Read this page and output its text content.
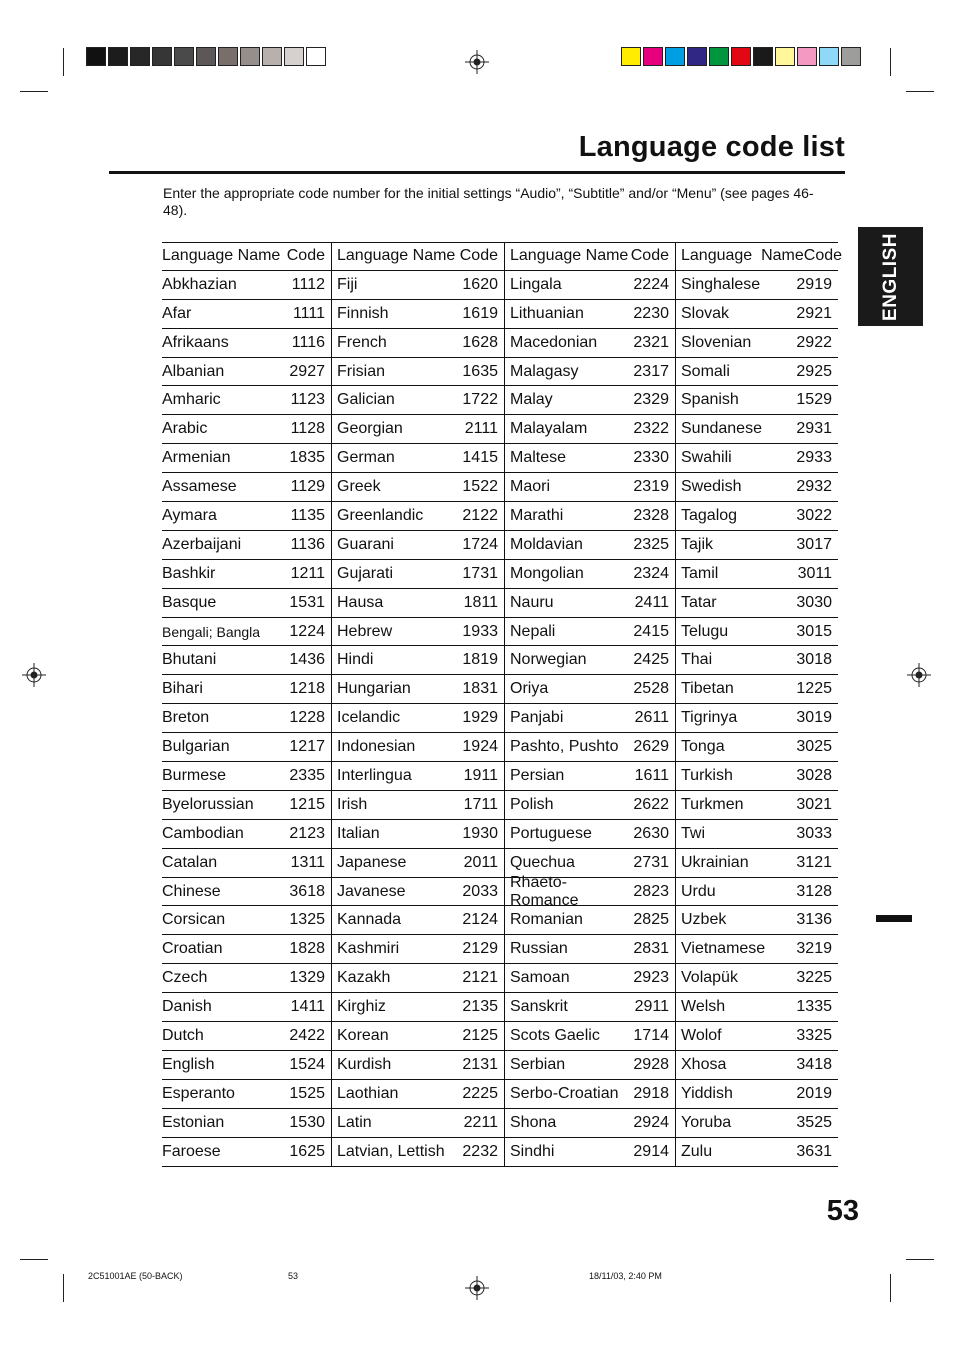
Language code list
Enter the appropriate code number for the initial settings “Audio”, “Subtitle” and/or “Menu” (see pages 46-48).
ENGLISH
Language Name Code
Abkhazian	1112
Afar	1111
Afrikaans	1116
Albanian	2927
Amharic	1123
Arabic	1128
Armenian	1835
Assamese	1129
Aymara	1135
Azerbaijani	1136
Bashkir	1211
Basque	1531
Bengali; Bangla 1224
Bhutani	1436
Bihari	1218
Breton	1228
Bulgarian	1217
Burmese	2335
Byelorussian 1215
Cambodian	2123
Catalan	1311
Chinese	3618
Corsican	1325
Croatian	1828
Czech	1329
Danish	1411
Dutch	2422
English	1524
Esperanto	1525
Estonian	1530
Faroese	1625
Language Name Code
Fiji	1620
Finnish	1619
French	1628
Frisian	1635
Galician	1722
Georgian	2111
German	1415
Greek	1522
Greenlandic 2122
Guarani	1724
Gujarati	1731
Hausa	1811
Hebrew	1933
Hindi	1819
Hungarian	1831
Icelandic	1929
Indonesian	1924
Interlingua	1911
Irish	1711
Italian	1930
Japanese	2011
Javanese	2033
Kannada	2124
Kashmiri	2129
Kazakh	2121
Kirghiz	2135
Korean	2125
Kurdish	2131
Laothian	2225
Latin	2211
Latvian, Lettish 2232
Language Name Code
Lingala	2224
Lithuanian	2230
Macedonian 2321
Malagasy	2317
Malay	2329
Malayalam	2322
Maltese	2330
Maori	2319
Marathi	2328
Moldavian	2325
Mongolian	2324
Nauru	2411
Nepali	2415
Norwegian	2425
Oriya	2528
Panjabi	2611
Pashto, Pushto 2629
Persian	1611
Polish	2622
Portuguese	2630
Quechua	2731
Rhaeto-Romance
2823
Romanian	2825
Russian	2831
Samoan	2923
Sanskrit	2911
Scots Gaelic 1714
Serbian	2928
Serbo-Croatian 2918
Shona	2924
Sindhi	2914
Language  Name Code
Singhalese 2919
Slovak	2921
Slovenian	2922
Somali	2925
Spanish	1529
Sundanese 2931
Swahili	2933
Swedish	2932
Tagalog	3022
Tajik	3017
Tamil	3011
Tatar	3030
Telugu	3015
Thai	3018
Tibetan	1225
Tigrinya	3019
Tonga	3025
Turkish	3028
Turkmen	3021
Twi	3033
Ukrainian	3121
Urdu	3128
Uzbek	3136
Vietnamese 3219
Volapük	3225
Welsh	1335
Wolof	3325
Xhosa	3418
Yiddish	2019
Yoruba	3525
Zulu	3631
53
2C51001AE (50-BACK)	53	18/11/03, 2:40 PM
